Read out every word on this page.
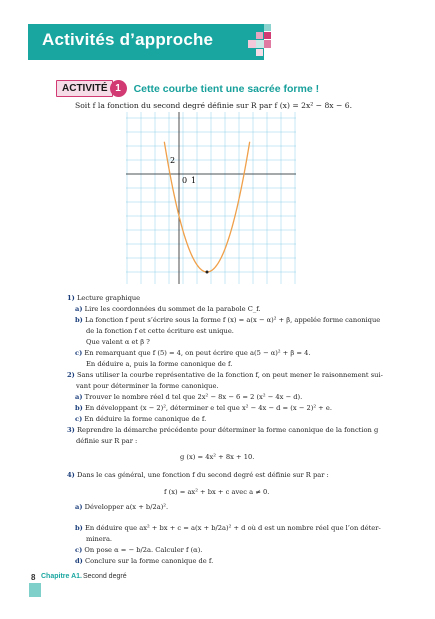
Activités d’approche
ACTIVITÉ 1	Cette courbe tient une sacrée forme !
Soit f la fonction du second degré définie sur R par f (x) = 2x² − 8x − 6.
2
0 1
1) Lecture graphique
a) Lire les coordonnées du sommet de la parabole C_f.
b) La fonction f peut s’écrire sous la forme f (x) = a(x − α)² + β, appelée forme canonique
de la fonction f et cette écriture est unique.
Que valent α et β ?
c) En remarquant que f (5) = 4, on peut écrire que a(5 − α)² + β = 4.
En déduire a, puis la forme canonique de f.
2) Sans utiliser la courbe représentative de la fonction f, on peut mener le raisonnement sui-
vant pour déterminer la forme canonique.
a) Trouver le nombre réel d tel que 2x² − 8x − 6 = 2 (x² − 4x − d).
b) En développant (x − 2)², déterminer e tel que x² − 4x − d = (x − 2)² + e.
c) En déduire la forme canonique de f.
3) Reprendre la démarche précédente pour déterminer la forme canonique de la fonction g
définie sur R par :
g (x) = 4x² + 8x + 10.
4) Dans le cas général, une fonction f du second degré est définie sur R par :
f (x) = ax² + bx + c avec a ≠ 0.
a) Développer a(x + b/2a)².
b) En déduire que ax² + bx + c = a(x + b/2a)² + d où d est un nombre réel que l’on déter-
minera.
c) On pose α = − b/2a. Calculer f (α).
d) Conclure sur la forme canonique de f.
8 Chapitre A1. Second degré
